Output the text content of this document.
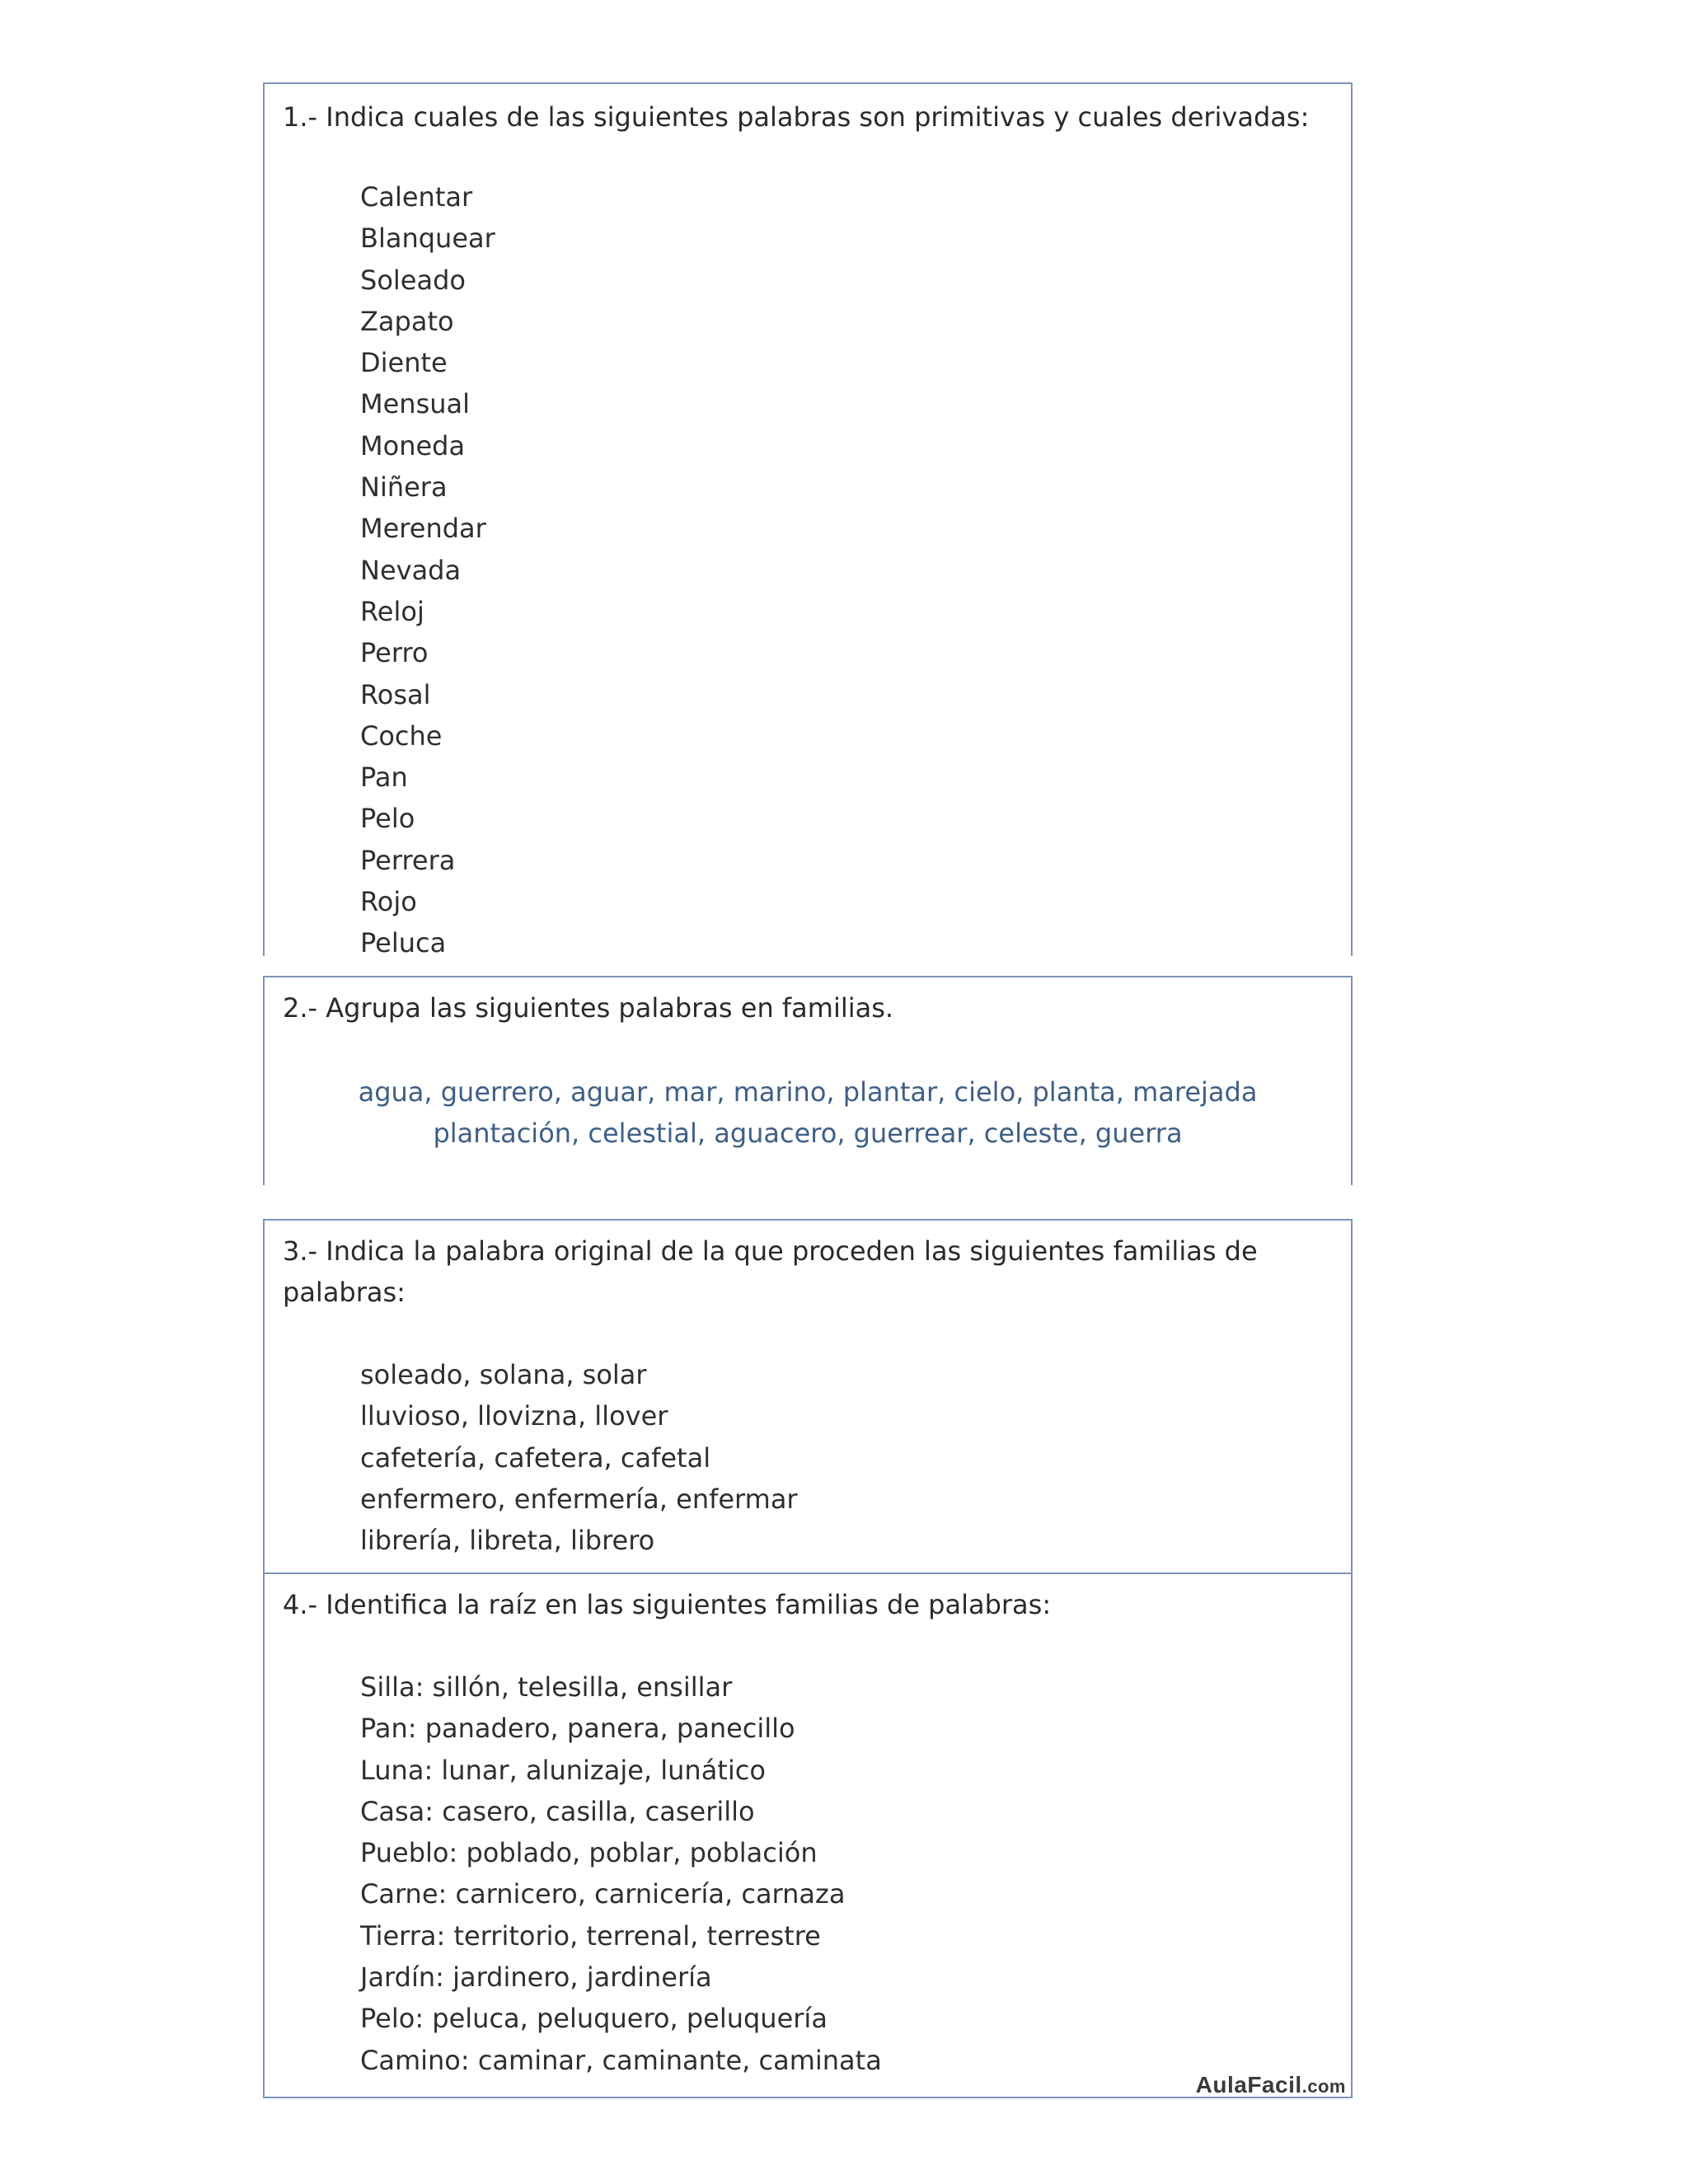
1.- Indica cuales de las siguientes palabras son primitivas y cuales derivadas:
Calentar
Blanquear
Soleado
Zapato
Diente
Mensual
Moneda
Niñera
Merendar
Nevada
Reloj
Perro
Rosal
Coche
Pan
Pelo
Perrera
Rojo
Peluca
2.- Agrupa las siguientes palabras en familias.
agua, guerrero, aguar, mar, marino, plantar, cielo, planta, marejada
plantación, celestial, aguacero, guerrear, celeste, guerra
3.- Indica la palabra original de la que proceden las siguientes familias de
palabras:
soleado, solana, solar
lluvioso, llovizna, llover
cafetería, cafetera, cafetal
enfermero, enfermería, enfermar
librería, libreta, librero
4.- Identifica la raíz en las siguientes familias de palabras:
Silla: sillón, telesilla, ensillar
Pan: panadero, panera, panecillo
Luna: lunar, alunizaje, lunático
Casa: casero, casilla, caserillo
Pueblo: poblado, poblar, población
Carne: carnicero, carnicería, carnaza
Tierra: territorio, terrenal, terrestre
Jardín: jardinero, jardinería
Pelo: peluca, peluquero, peluquería
Camino: caminar, caminante, caminata
AulaFacil.com
